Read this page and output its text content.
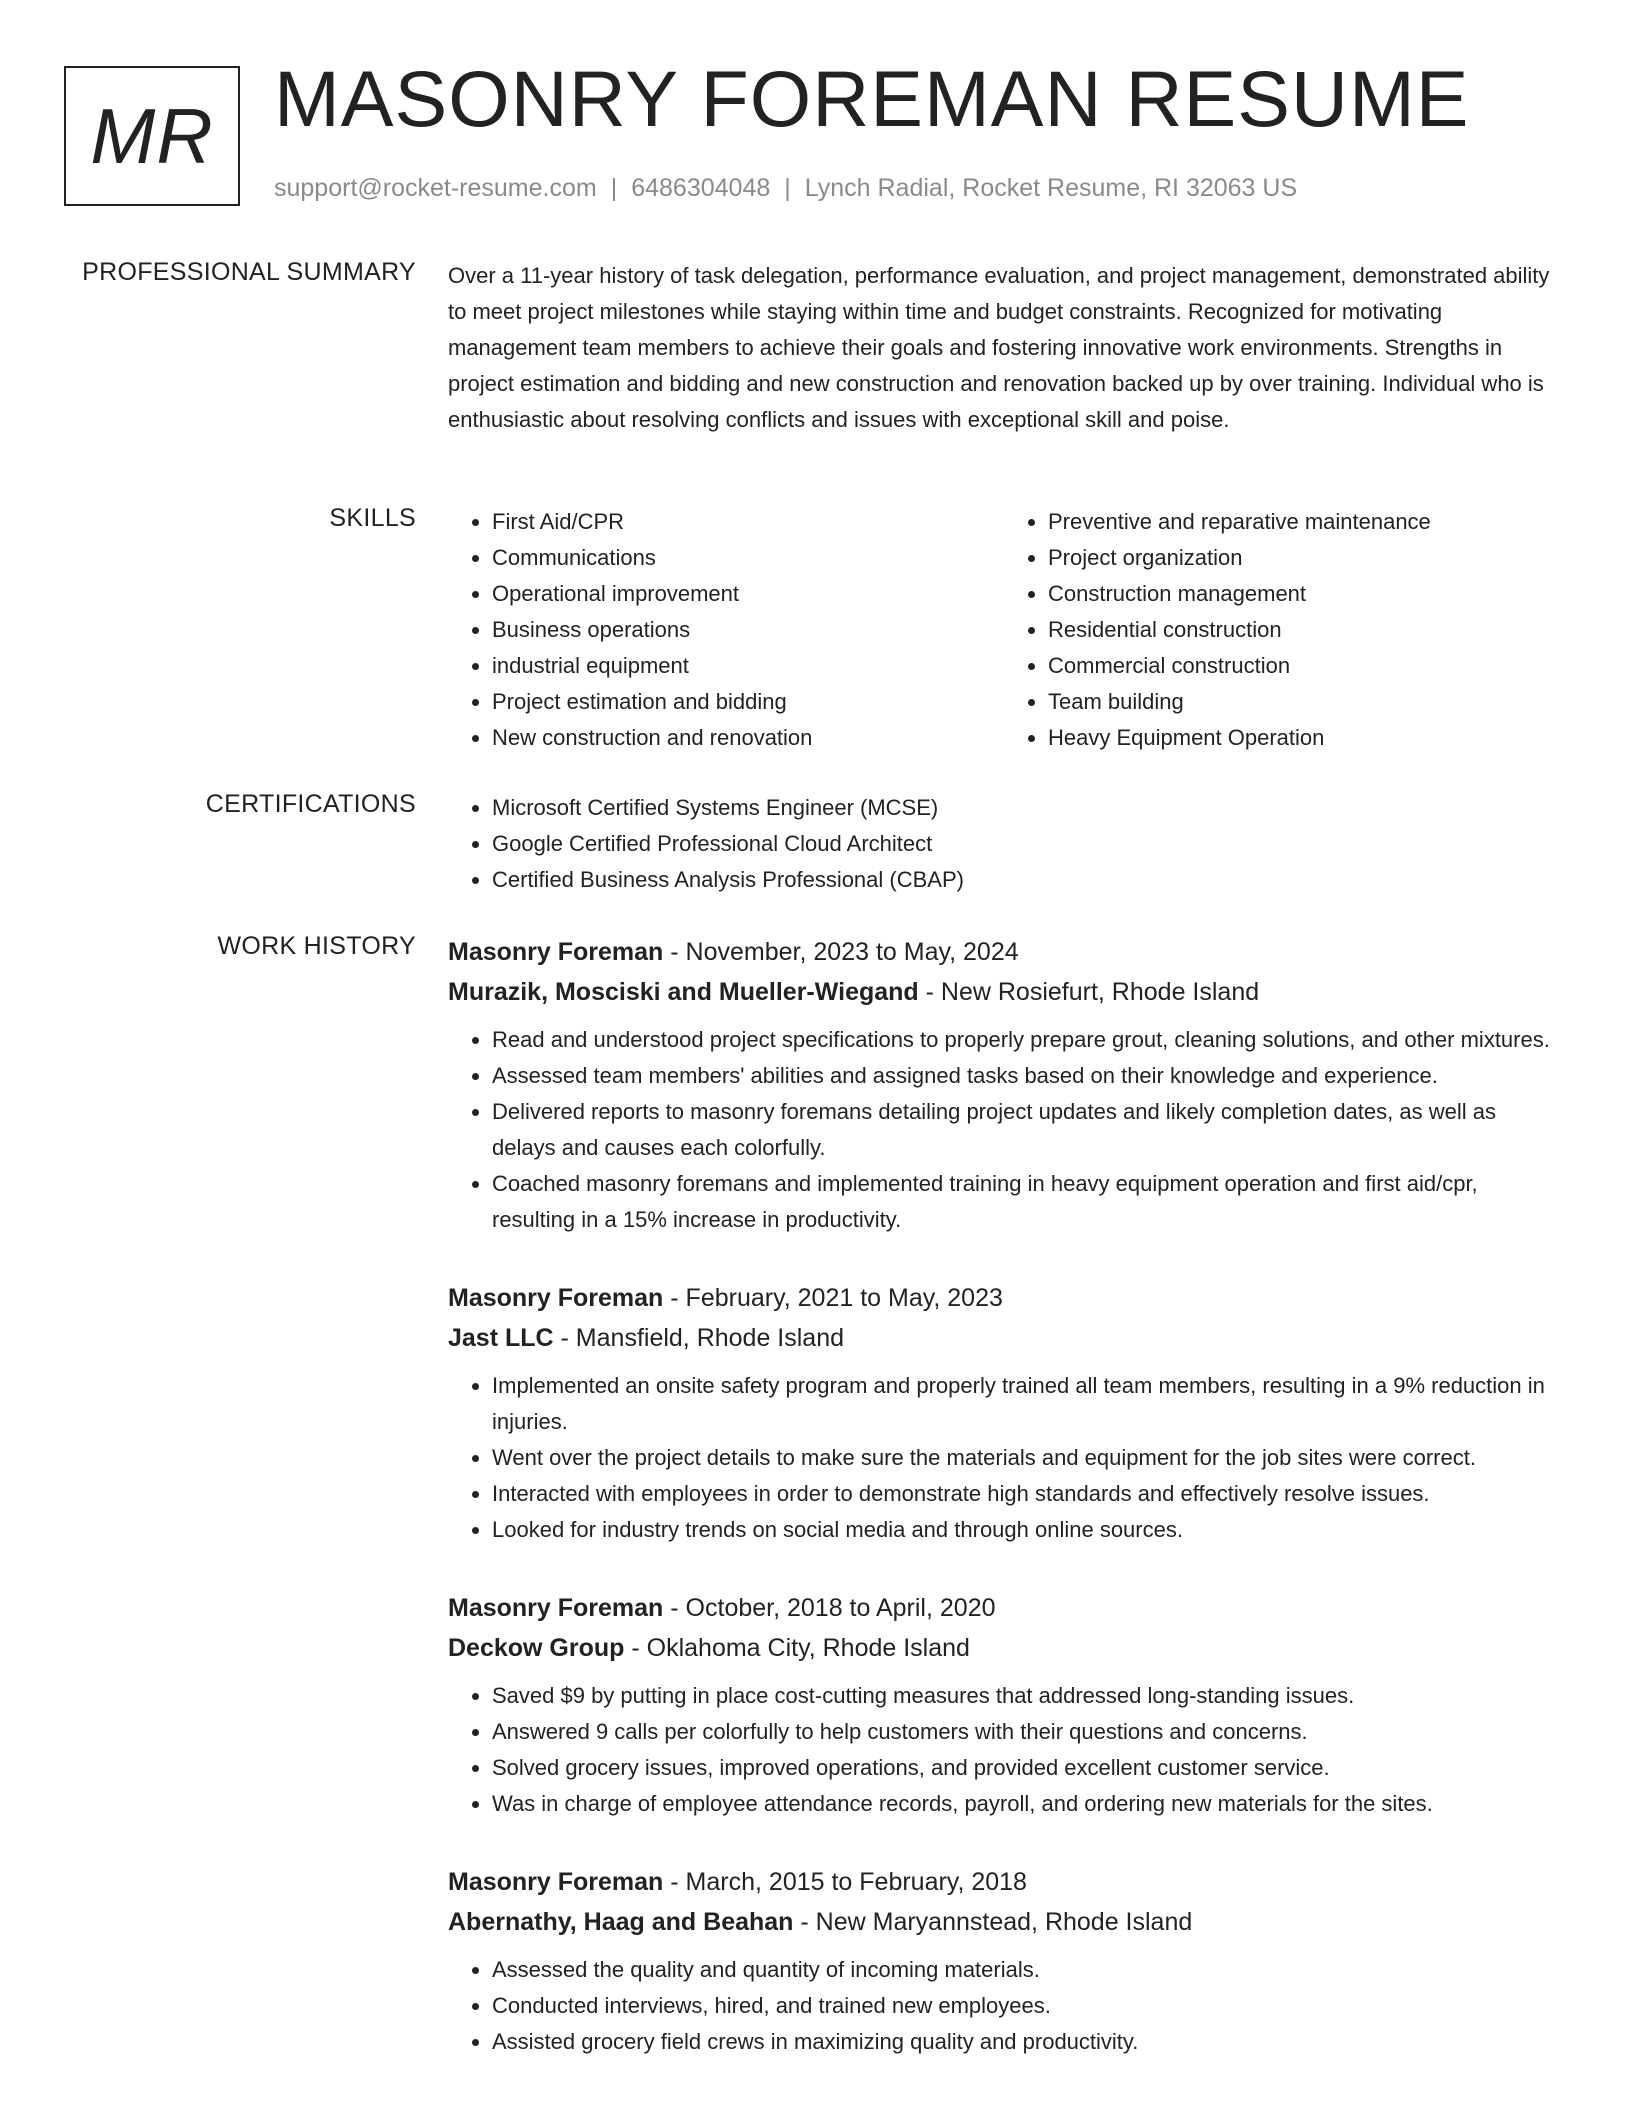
MR MASONRY FOREMAN RESUME
support@rocket-resume.com | 6486304048 | Lynch Radial, Rocket Resume, RI 32063 US
PROFESSIONAL SUMMARY Over a 11-year history of task delegation, performance evaluation, and project management, demonstrated ability to meet project milestones while staying within time and budget constraints. Recognized for motivating management team members to achieve their goals and fostering innovative work environments. Strengths in project estimation and bidding and new construction and renovation backed up by over training. Individual who is enthusiastic about resolving conflicts and issues with exceptional skill and poise.

SKILLS	• First Aid/CPR
• Communications
• Operational improvement
• Business operations
• industrial equipment
• Project estimation and bidding
• New construction and renovation
• Preventive and reparative maintenance
• Project organization
• Construction management
• Residential construction
• Commercial construction
• Team building
• Heavy Equipment Operation
CERTIFICATIONS	• Microsoft Certified Systems Engineer (MCSE)
• Google Certified Professional Cloud Architect
• Certified Business Analysis Professional (CBAP)
WORK HISTORY Masonry Foreman - November, 2023 to May, 2024
Murazik, Mosciski and Mueller-Wiegand - New Rosiefurt, Rhode Island
• Read and understood project specifications to properly prepare grout, cleaning solutions, and other mixtures.
• Assessed team members' abilities and assigned tasks based on their knowledge and experience.
• Delivered reports to masonry foremans detailing project updates and likely completion dates, as well as delays and causes each colorfully.
• Coached masonry foremans and implemented training in heavy equipment operation and first aid/cpr, resulting in a 15% increase in productivity.
Masonry Foreman - February, 2021 to May, 2023
Jast LLC - Mansfield, Rhode Island
• Implemented an onsite safety program and properly trained all team members, resulting in a 9% reduction in injuries.
• Went over the project details to make sure the materials and equipment for the job sites were correct.
• Interacted with employees in order to demonstrate high standards and effectively resolve issues.
• Looked for industry trends on social media and through online sources.
Masonry Foreman - October, 2018 to April, 2020
Deckow Group - Oklahoma City, Rhode Island
• Saved $9 by putting in place cost-cutting measures that addressed long-standing issues.
• Answered 9 calls per colorfully to help customers with their questions and concerns.
• Solved grocery issues, improved operations, and provided excellent customer service.
• Was in charge of employee attendance records, payroll, and ordering new materials for the sites.
Masonry Foreman - March, 2015 to February, 2018
Abernathy, Haag and Beahan - New Maryannstead, Rhode Island
• Assessed the quality and quantity of incoming materials.
• Conducted interviews, hired, and trained new employees.
• Assisted grocery field crews in maximizing quality and productivity.
